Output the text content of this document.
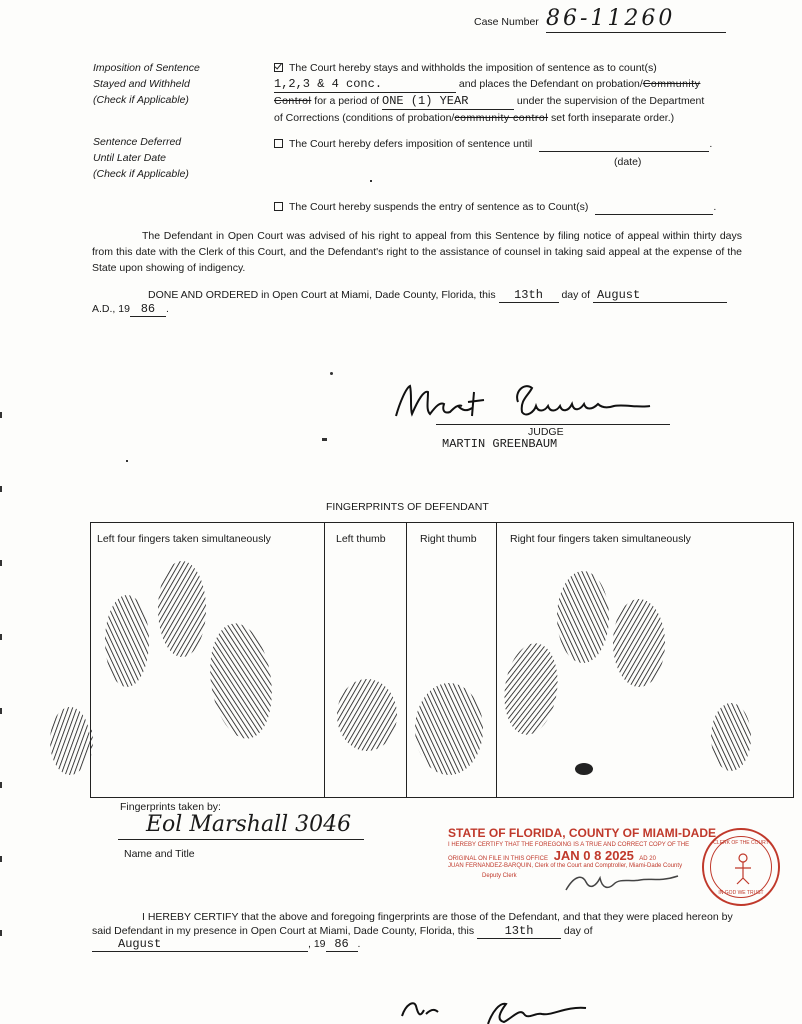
Case Number 86-11260
Imposition of Sentence
Stayed and Withheld
(Check if Applicable)
The Court hereby stays and withholds the imposition of sentence as to count(s)
1,2,3 & 4 conc.	and places the Defendant on probation/Community
Control for a period of ONE (1) YEAR	under the supervision of the Department
of Corrections (conditions of probation/community control set forth inseparate order.)
Sentence Deferred
Until Later Date
(Check if Applicable)
The Court hereby defers imposition of sentence until	.
(date)
The Court hereby suspends the entry of sentence as to Count(s)	.
The Defendant in Open Court was advised of his right to appeal from this Sentence by filing notice of appeal within thirty days from this date with the Clerk of this Court, and the Defendant's right to the assistance of counsel in taking said appeal at the expense of the State upon showing of indigency.
DONE AND ORDERED in Open Court at Miami, Dade County, Florida, this 13th day of August
A.D., 19 86 .
JUDGE
MARTIN GREENBAUM
FINGERPRINTS OF DEFENDANT
Left four fingers taken simultaneously	Left thumb	Right thumb	Right four fingers taken simultaneously
Fingerprints taken by:
Eol Marshall 3046
Name and Title
STATE OF FLORIDA, COUNTY OF MIAMI-DADE
I HEREBY CERTIFY THAT THE FOREGOING IS A TRUE AND CORRECT COPY OF THE
ORIGINAL ON FILE IN THIS OFFICE JAN 0 8 2025 AD 20
JUAN FERNANDEZ-BARQUIN, Clerk of the Court and Comptroller, Miami-Dade County
Deputy Clerk
CLERK OF THE COURT
IN GOD WE TRUST
I HEREBY CERTIFY that the above and foregoing fingerprints are those of the Defendant, and that they were placed hereon by said Defendant in my presence in Open Court at Miami, Dade County, Florida, this	13th	day of
August	, 19 86 .
